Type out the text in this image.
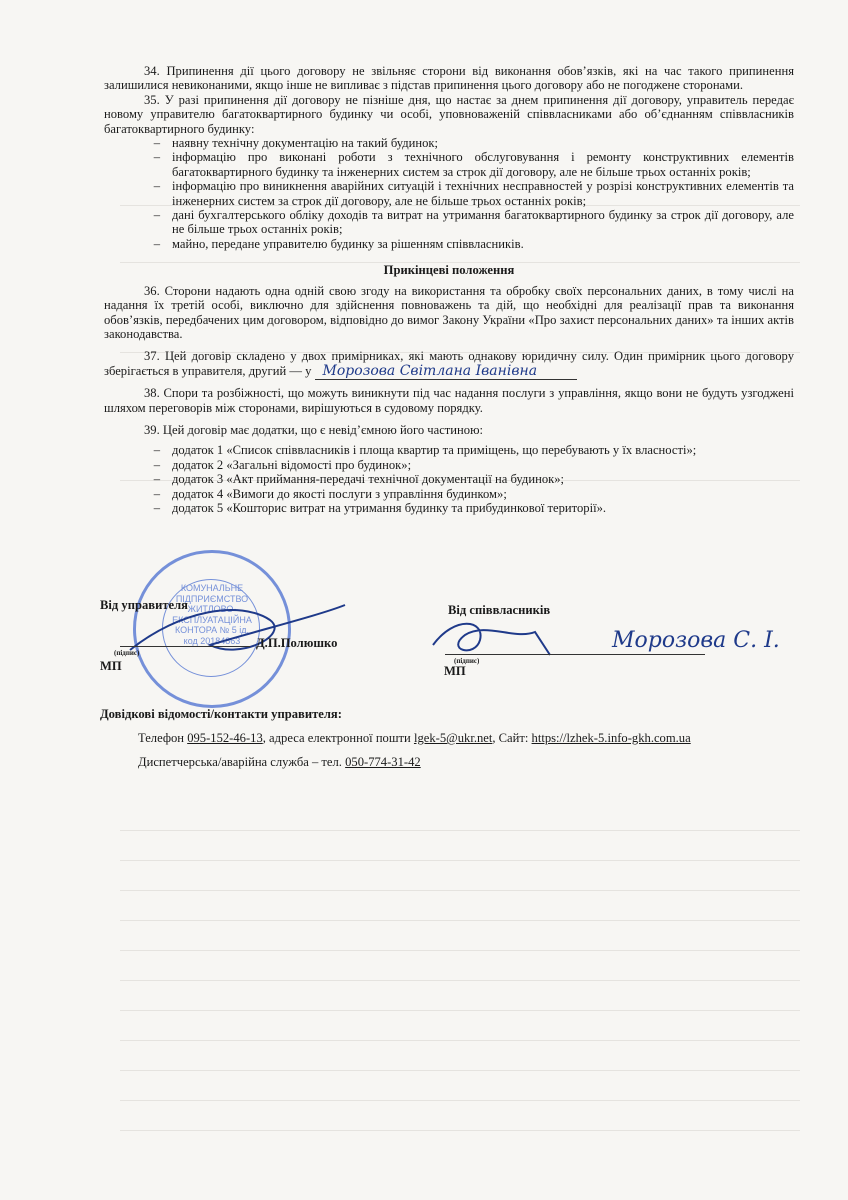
34. Припинення дії цього договору не звільняє сторони від виконання обов’язків, які на час такого припинення залишилися невиконаними, якщо інше не випливає з підстав припинення цього договору або не погоджене сторонами.

35. У разі припинення дії договору не пізніше дня, що настає за днем припинення дії договору, управитель передає новому управителю багатоквартирного будинку чи особі, уповноваженій співвласниками або об’єднанням співвласників багатоквартирного будинку:

– наявну технічну документацію на такий будинок;
– інформацію про виконані роботи з технічного обслуговування і ремонту конструктивних елементів багатоквартирного будинку та інженерних систем за строк дії договору, але не більше трьох останніх років;
– інформацію про виникнення аварійних ситуацій і технічних несправностей у розрізі конструктивних елементів та інженерних систем за строк дії договору, але не більше трьох останніх років;
– дані бухгалтерського обліку доходів та витрат на утримання багатоквартирного будинку за строк дії договору, але не більше трьох останніх років;
– майно, передане управителю будинку за рішенням співвласників.
Прикінцеві положення

36. Сторони надають одна одній свою згоду на використання та обробку своїх персональних даних, в тому числі на надання їх третій особі, виключно для здійснення повноважень та дій, що необхідні для реалізації прав та виконання обов’язків, передбачених цим договором, відповідно до вимог Закону України «Про захист персональних даних» та інших актів законодавства.

37. Цей договір складено у двох примірниках, які мають однакову юридичну силу. Один примірник цього договору зберігається в управителя, другий — у Морозова Світлана Іванівна

38. Спори та розбіжності, що можуть виникнути під час надання послуги з управління, якщо вони не будуть узгоджені шляхом переговорів між сторонами, вирішуються в судовому порядку.

39. Цей договір має додатки, що є невід’ємною його частиною:

– додаток 1 «Список співвласників і площа квартир та приміщень, що перебувають у їх власності»;
– додаток 2 «Загальні відомості про будинок»;
– додаток 3 «Акт приймання-передачі технічної документації на будинок»;
– додаток 4 «Вимоги до якості послуги з управління будинком»;
– додаток 5 «Кошторис витрат на утримання будинку та прибудинкової території».
КОМУНАЛЬНЕ ПІДПРИЄМСТВО ЖИТЛОВО-ЕКСПЛУАТАЦІЙНА КОНТОРА № 5 ід. код 20184863
Від управителя
Д.П.Полюшко
(підпис)
МП
Від співвласників
Морозова С. І.
(підпис)
МП
Довідкові відомості/контакти управителя:
Телефон 095-152-46-13, адреса електронної пошти lgek-5@ukr.net, Сайт: https://lzhek-5.info-gkh.com.ua
Диспетчерська/аварійна служба – тел. 050-774-31-42
